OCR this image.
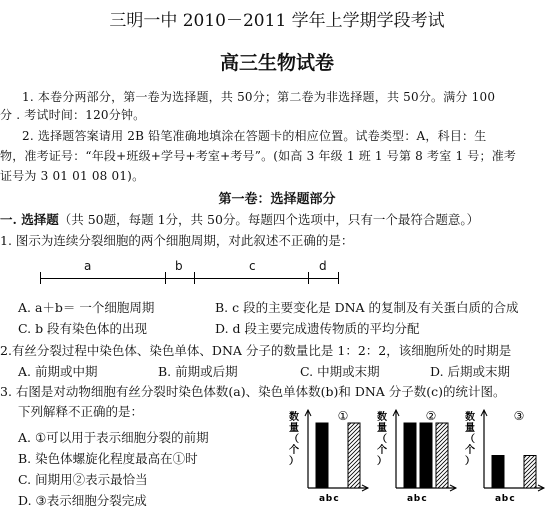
三明一中 2010－2011 学年上学期学段考试
高三生物试卷
1. 本卷分两部分，第一卷为选择题，共 50分；第二卷为非选择题，共 50分。满分 100
分 . 考试时间：120分钟。
2. 选择题答案请用 2B 铅笔准确地填涂在答题卡的相应位置。试卷类型：A，科目：生
物，准考证号：“年段+班级+学号+考室+考号”。(如高 3 年级 1 班 1 号第 8 考室 1 号；准考
证号为 3 01 01 08 01)。
第一卷：选择题部分
一. 选择题（共 50题，每题 1分，共 50分。每题四个选项中，只有一个最符合题意。）
1. 图示为连续分裂细胞的两个细胞周期，对此叙述不正确的是：
a	b	c	d
A. a＋b＝ 一个细胞周期	B. c 段的主要变化是 DNA 的复制及有关蛋白质的合成
C. b 段有染色体的出现	D. d 段主要完成遗传物质的平均分配
2.有丝分裂过程中染色体、染色单体、DNA 分子的数量比是 1：2：2，该细胞所处的时期是
A. 前期或中期	B. 前期或后期	C. 中期或末期	D. 后期或末期
3. 右图是对动物细胞有丝分裂时染色体数(a)、染色单体数(b)和 DNA 分子数(c)的统计图。
下列解释不正确的是：
A. ①可以用于表示细胞分裂的前期
B. 染色体螺旋化程度最高在①时
C. 间期用②表示最恰当
D. ③表示细胞分裂完成
数量（个）
①
a b c
数量（个）
②
a b c
数量（个）
③
a b c
